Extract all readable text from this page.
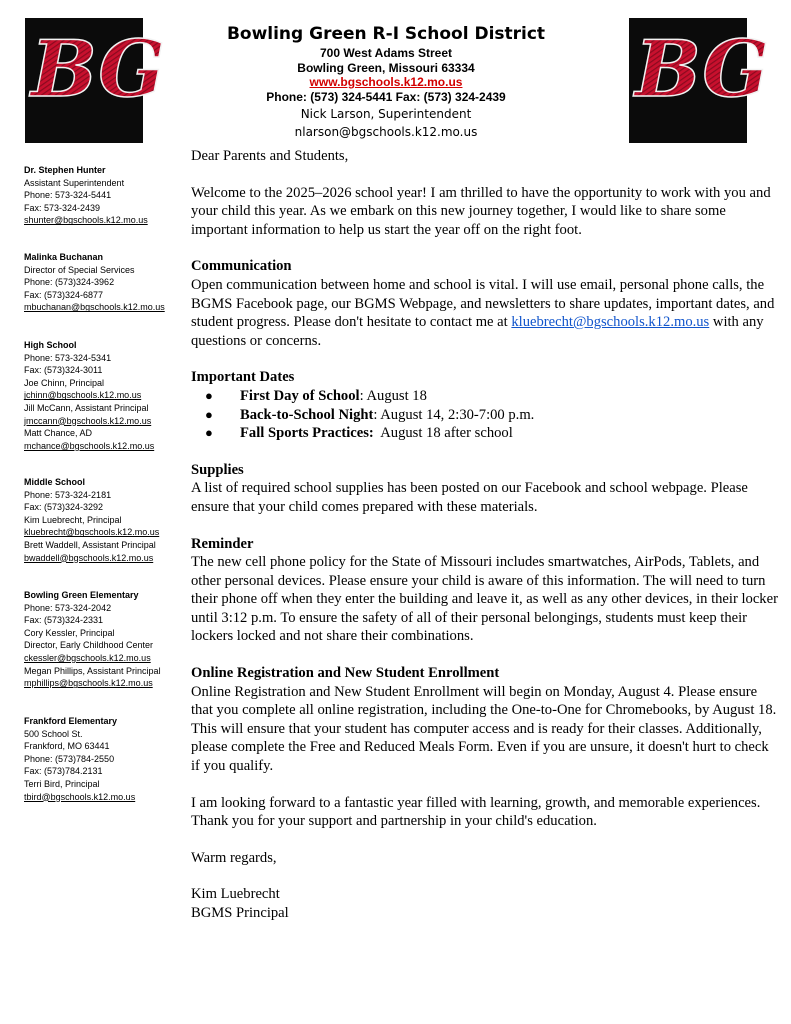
BG	BG
Bowling Green R-I School District
700 West Adams Street
Bowling Green, Missouri 63334
www.bgschools.k12.mo.us
Phone: (573) 324-5441 Fax: (573) 324-2439
Nick Larson, Superintendent
nlarson@bgschools.k12.mo.us
Dr. Stephen Hunter
Assistant Superintendent
Phone: 573-324-5441
Fax: 573-324-2439
shunter@bgschools.k12.mo.us
Malinka Buchanan
Director of Special Services
Phone: (573)324-3962
Fax: (573)324-6877
mbuchanan@bgschools.k12.mo.us
High School
Phone: 573-324-5341
Fax: (573)324-3011
Joe Chinn, Principal
jchinn@bgschools.k12.mo.us
Jill McCann, Assistant Principal
jmccann@bgschools.k12.mo.us
Matt Chance, AD
mchance@bgschools.k12.mo.us
Middle School
Phone: 573-324-2181
Fax: (573)324-3292
Kim Luebrecht, Principal
kluebrecht@bgschools.k12.mo.us
Brett Waddell, Assistant Principal
bwaddell@bgschools.k12.mo.us
Bowling Green Elementary
Phone: 573-324-2042
Fax: (573)324-2331
Cory Kessler, Principal
Director, Early Childhood Center
ckessler@bgschools.k12.mo.us
Megan Phillips, Assistant Principal
mphillips@bgschools.k12.mo.us
Frankford Elementary
500 School St.
Frankford, MO 63441
Phone: (573)784-2550
Fax: (573)784.2131
Terri Bird, Principal
tbird@bgschools.k12.mo.us

Dear Parents and Students,

Welcome to the 2025–2026 school year! I am thrilled to have the opportunity to work with you and your child this year. As we embark on this new journey together, I would like to share some important information to help us start the year off on the right foot.

Communication

Open communication between home and school is vital. I will use email, personal phone calls, the BGMS Facebook page, our BGMS Webpage, and newsletters to share updates, important dates, and student progress. Please don't hesitate to contact me at kluebrecht@bgschools.k12.mo.us with any questions or concerns.

Important Dates

● First Day of School: August 18
● Back-to-School Night: August 14, 2:30-7:00 p.m.
● Fall Sports Practices:  August 18 after school

Supplies

A list of required school supplies has been posted on our Facebook and school webpage. Please ensure that your child comes prepared with these materials.

Reminder

The new cell phone policy for the State of Missouri includes smartwatches, AirPods, Tablets, and other personal devices. Please ensure your child is aware of this information. The will need to turn their phone off when they enter the building and leave it, as well as any other devices, in their locker until 3:12 p.m. To ensure the safety of all of their personal belongings, students must keep their lockers locked and not share their combinations.

Online Registration and New Student Enrollment

Online Registration and New Student Enrollment will begin on Monday, August 4. Please ensure that you complete all online registration, including the One-to-One for Chromebooks, by August 18. This will ensure that your student has computer access and is ready for their classes. Additionally, please complete the Free and Reduced Meals Form. Even if you are unsure, it doesn't hurt to check if you qualify.

I am looking forward to a fantastic year filled with learning, growth, and memorable experiences. Thank you for your support and partnership in your child's education.

Warm regards,

Kim Luebrecht

BGMS Principal
